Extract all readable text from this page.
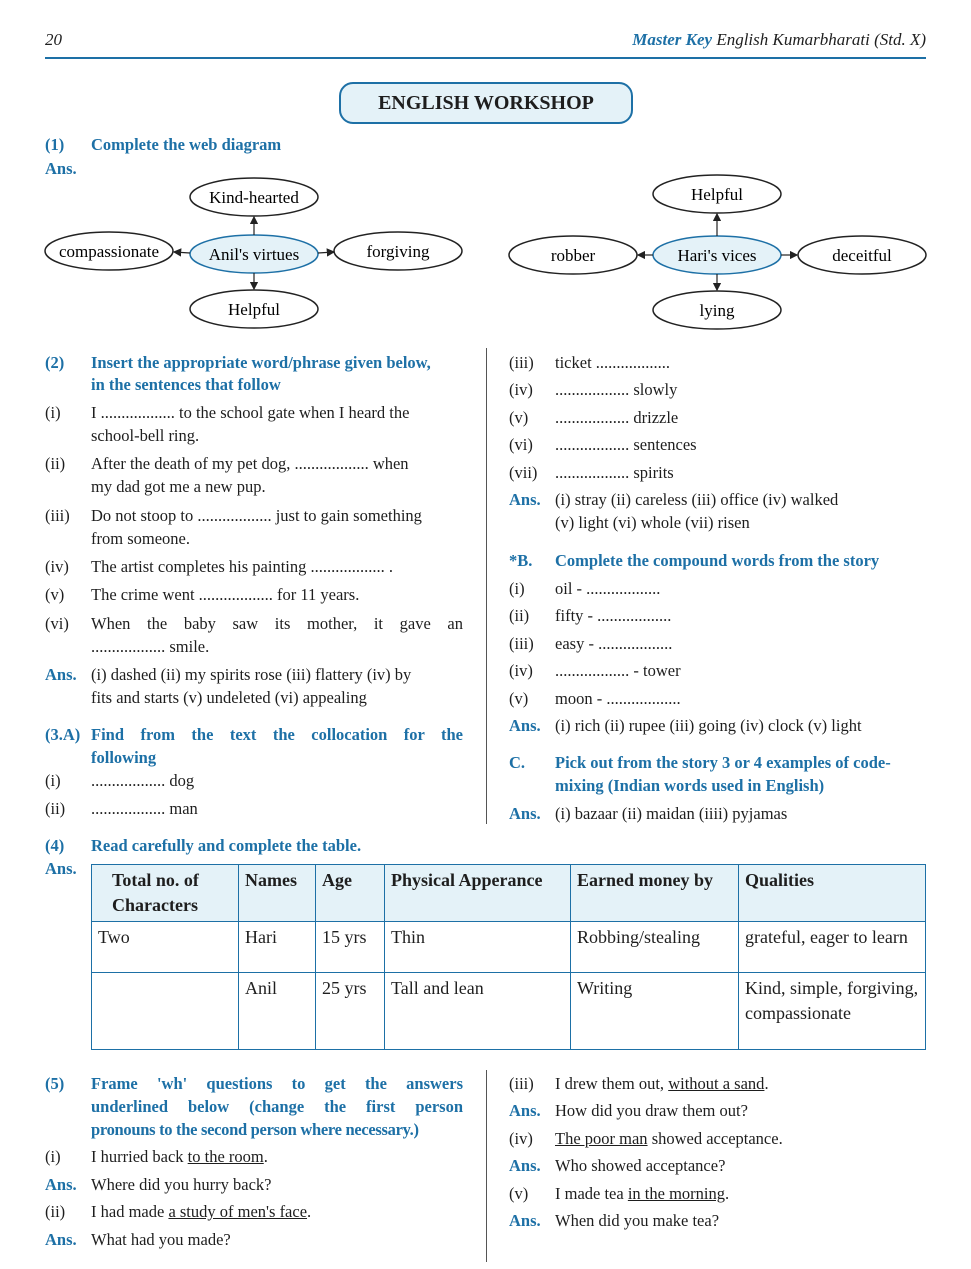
20	Master Key English Kumarbharati (Std. X)
ENGLISH WORKSHOP
(1) Complete the web diagram
Ans.
Kind-hearted
compassionate	Anil's virtues	forgiving
Helpful
Helpful
robber	Hari's vices	deceitful
lying
(2) Insert the appropriate word/phrase given below,
in the sentences that follow
(i) I .................. to the school gate when I heard the
school-bell ring.
(ii) After the death of my pet dog, .................. when
my dad got me a new pup.
(iii) Do not stoop to .................. just to gain something
from someone.
(iv) The artist completes his painting .................. .
(v) The crime went .................. for 11 years.
(vi) When the baby saw its mother, it gave an
.................. smile.
Ans. (i) dashed (ii) my spirits rose (iii) flattery (iv) by
fits and starts (v) undeleted (vi) appealing
(3.A) Find from the text the collocation for the
following
(i) .................. dog
(ii) .................. man
(iii) ticket ..................
(iv) .................. slowly
(v) .................. drizzle
(vi) .................. sentences
(vii) .................. spirits
Ans. (i) stray (ii) careless (iii) office (iv) walked
(v) light (vi) whole (vii) risen
*B. Complete the compound words from the story
(i) oil - ..................
(ii) fifty - ..................
(iii) easy - ..................
(iv) .................. - tower
(v) moon - ..................
Ans. (i) rich (ii) rupee (iii) going (iv) clock (v) light
C. Pick out from the story 3 or 4 examples of code-
mixing (Indian words used in English)
Ans. (i) bazaar (ii) maidan (iiii) pyjamas
(4) Read carefully and complete the table.
Ans.
Total no. of Characters	Names	Age	Physical Apperance	Earned money by	Qualities
Two	Hari	15 yrs	Thin	Robbing/stealing	grateful, eager to learn
	Anil	25 yrs	Tall and lean	Writing	Kind, simple, forgiving, compassionate
(5) Frame 'wh' questions to get the answers
underlined below (change the first person
pronouns to the second person where necessary.)
(i) I hurried back to the room.
Ans. Where did you hurry back?
(ii) I had made a study of men's face.
Ans. What had you made?
(iii) I drew them out, without a sand.
Ans. How did you draw them out?
(iv) The poor man showed acceptance.
Ans. Who showed acceptance?
(v) I made tea in the morning.
Ans. When did you make tea?
